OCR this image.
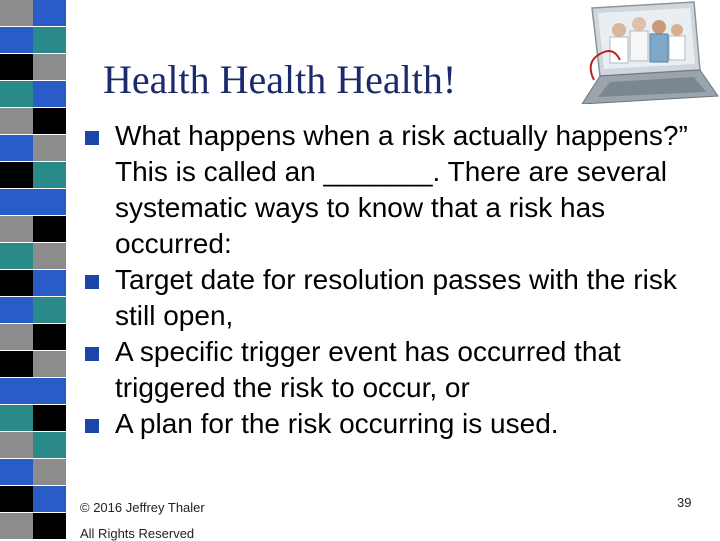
Health Health Health!
What happens when a risk actually happens?” This is called an _______. There are several systematic ways to know that a risk has occurred:
Target date for resolution passes with the risk still open,
A specific trigger event has occurred that triggered the risk to occur, or
A plan for the risk occurring is used.
© 2016 Jeffrey Thaler
All Rights Reserved
39
